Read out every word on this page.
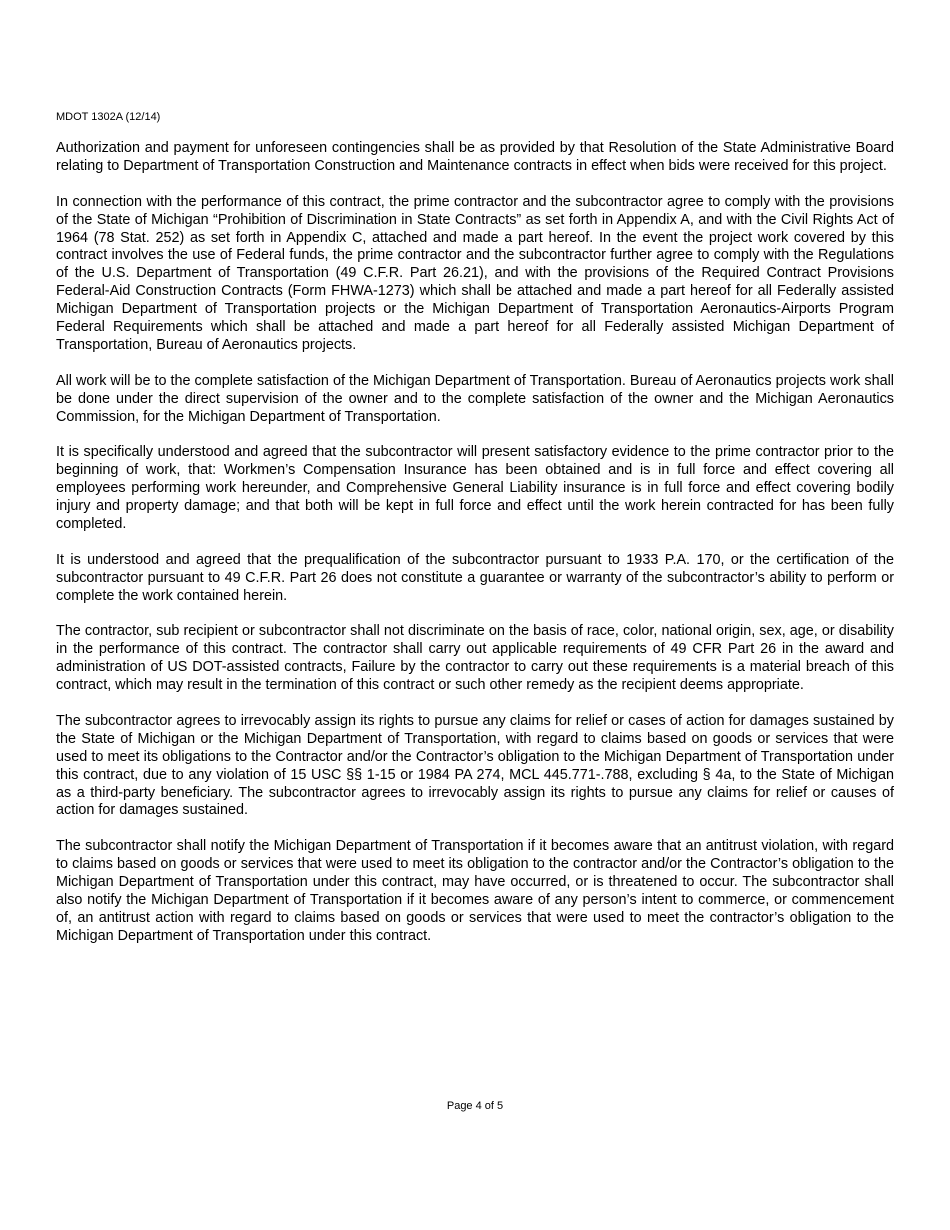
MDOT 1302A (12/14)

Authorization and payment for unforeseen contingencies shall be as provided by that Resolution of the State Administrative Board relating to Department of Transportation Construction and Maintenance contracts in effect when bids were received for this project.

In connection with the performance of this contract, the prime contractor and the subcontractor agree to comply with the provisions of the State of Michigan “Prohibition of Discrimination in State Contracts” as set forth in Appendix A, and with the Civil Rights Act of 1964 (78 Stat. 252) as set forth in Appendix C, attached and made a part hereof. In the event the project work covered by this contract involves the use of Federal funds, the prime contractor and the subcontractor further agree to comply with the Regulations of the U.S. Department of Transportation (49 C.F.R. Part 26.21), and with the provisions of the Required Contract Provisions Federal-Aid Construction Contracts (Form FHWA-1273) which shall be attached and made a part hereof for all Federally assisted Michigan Department of Transportation projects or the Michigan Department of Transportation Aeronautics-Airports Program Federal Requirements which shall be attached and made a part hereof for all Federally assisted Michigan Department of Transportation, Bureau of Aeronautics projects.

All work will be to the complete satisfaction of the Michigan Department of Transportation. Bureau of Aeronautics projects work shall be done under the direct supervision of the owner and to the complete satisfaction of the owner and the Michigan Aeronautics Commission, for the Michigan Department of Transportation.

It is specifically understood and agreed that the subcontractor will present satisfactory evidence to the prime contractor prior to the beginning of work, that: Workmen’s Compensation Insurance has been obtained and is in full force and effect covering all employees performing work hereunder, and Comprehensive General Liability insurance is in full force and effect covering bodily injury and property damage; and that both will be kept in full force and effect until the work herein contracted for has been fully completed.

It is understood and agreed that the prequalification of the subcontractor pursuant to 1933 P.A. 170, or the certification of the subcontractor pursuant to 49 C.F.R. Part 26 does not constitute a guarantee or warranty of the subcontractor’s ability to perform or complete the work contained herein.

The contractor, sub recipient or subcontractor shall not discriminate on the basis of race, color, national origin, sex, age, or disability in the performance of this contract. The contractor shall carry out applicable requirements of 49 CFR Part 26 in the award and administration of US DOT-assisted contracts, Failure by the contractor to carry out these requirements is a material breach of this contract, which may result in the termination of this contract or such other remedy as the recipient deems appropriate.

The subcontractor agrees to irrevocably assign its rights to pursue any claims for relief or cases of action for damages sustained by the State of Michigan or the Michigan Department of Transportation, with regard to claims based on goods or services that were used to meet its obligations to the Contractor and/or the Contractor’s obligation to the Michigan Department of Transportation under this contract, due to any violation of 15 USC §§ 1-15 or 1984 PA 274, MCL 445.771-.788, excluding § 4a, to the State of Michigan as a third-party beneficiary. The subcontractor agrees to irrevocably assign its rights to pursue any claims for relief or causes of action for damages sustained.

The subcontractor shall notify the Michigan Department of Transportation if it becomes aware that an antitrust violation, with regard to claims based on goods or services that were used to meet its obligation to the contractor and/or the Contractor’s obligation to the Michigan Department of Transportation under this contract, may have occurred, or is threatened to occur. The subcontractor shall also notify the Michigan Department of Transportation if it becomes aware of any person’s intent to commerce, or commencement of, an antitrust action with regard to claims based on goods or services that were used to meet the contractor’s obligation to the Michigan Department of Transportation under this contract.

Page 4 of 5
